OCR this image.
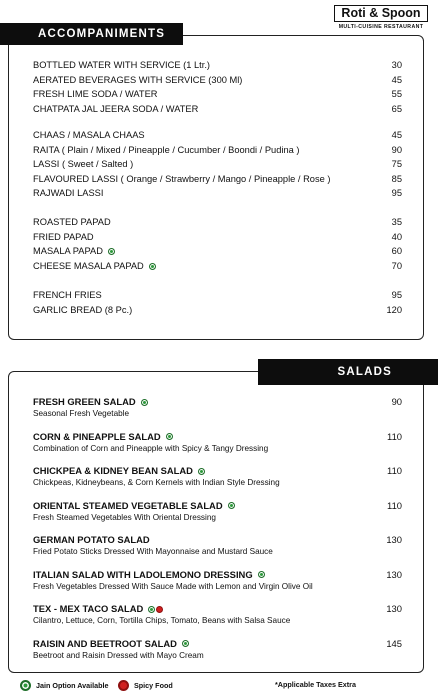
Roti & Spoon
MULTI-CUISINE RESTAURANT
ACCOMPANIMENTS
BOTTLED WATER WITH SERVICE (1 Ltr.)	30
AERATED BEVERAGES WITH SERVICE (300 Ml)	45
FRESH LIME SODA / WATER	55
CHATPATA JAL JEERA SODA / WATER	65
CHAAS / MASALA CHAAS	45
RAITA ( Plain / Mixed / Pineapple / Cucumber / Boondi / Pudina )	90
LASSI ( Sweet / Salted )	75
FLAVOURED LASSI ( Orange / Strawberry / Mango / Pineapple / Rose )	85
RAJWADI LASSI	95
ROASTED PAPAD	35
FRIED PAPAD	40
MASALA PAPAD	60
CHEESE MASALA PAPAD	70
FRENCH FRIES	95
GARLIC BREAD (8 Pc.)	120
SALADS
FRESH GREEN SALAD
Seasonal Fresh Vegetable
90
CORN & PINEAPPLE SALAD
Combination of Corn and Pineapple with Spicy & Tangy Dressing
110
CHICKPEA & KIDNEY BEAN SALAD
Chickpeas, Kidneybeans, & Corn Kernels with Indian Style Dressing
110
ORIENTAL STEAMED VEGETABLE SALAD
Fresh Steamed Vegetables With Oriental Dressing
110
GERMAN POTATO SALAD
Fried Potato Sticks Dressed With Mayonnaise and Mustard Sauce
130
ITALIAN SALAD WITH LADOLEMONO DRESSING
Fresh Vegetables Dressed With Sauce Made with Lemon and Virgin Olive Oil
130
TEX - MEX TACO SALAD
Cilantro, Lettuce, Corn, Tortilla Chips, Tomato, Beans with Salsa Sauce
130
RAISIN AND BEETROOT SALAD
Beetroot and Raisin Dressed with Mayo Cream
145
Jain Option Available	Spicy Food	*Applicable Taxes Extra
